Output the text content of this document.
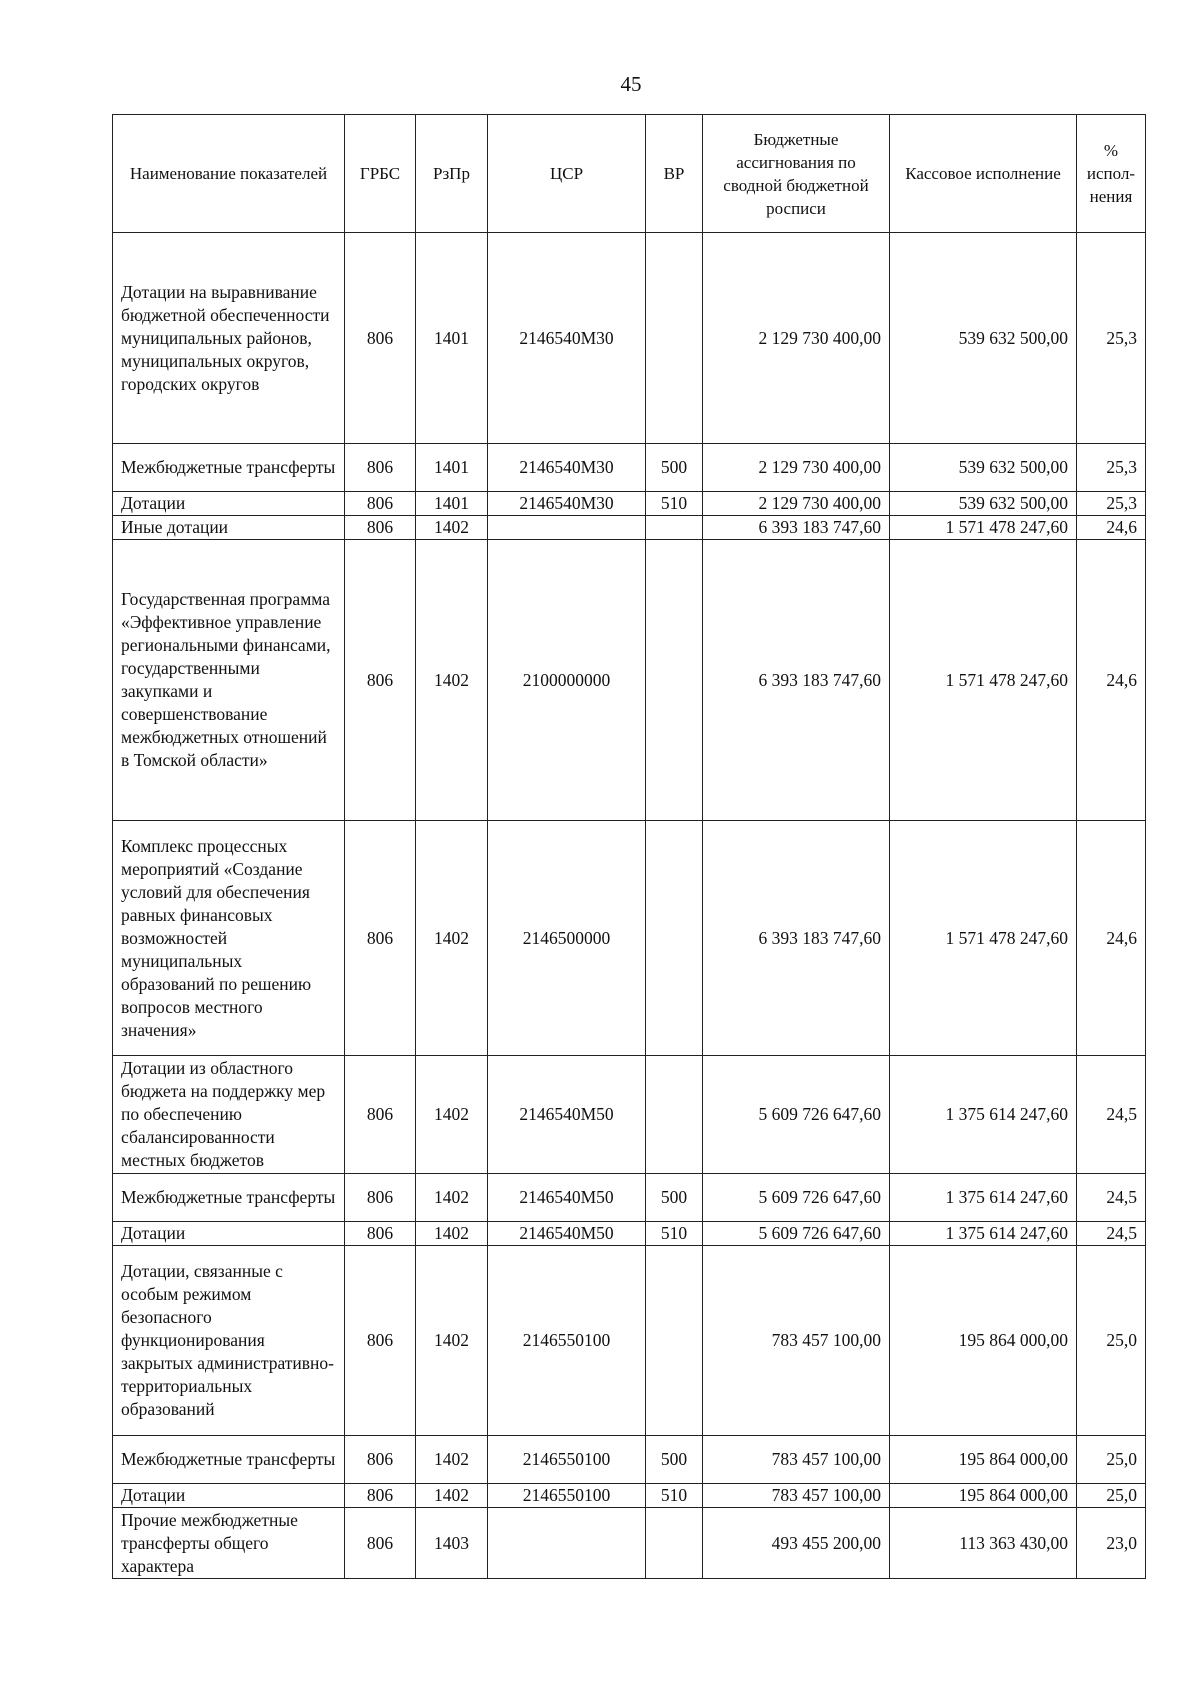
45
Наименование показателей	ГРБС	РзПр	ЦСР	ВР	Бюджетные ассигнования по сводной бюджетной росписи	Кассовое исполнение	% испол-нения
Дотации на выравнивание бюджетной обеспеченности муниципальных районов, муниципальных округов, городских округов	806	1401	2146540М30		2 129 730 400,00	539 632 500,00	25,3
Межбюджетные трансферты	806	1401	2146540М30	500	2 129 730 400,00	539 632 500,00	25,3
Дотации	806	1401	2146540М30	510	2 129 730 400,00	539 632 500,00	25,3
Иные дотации	806	1402			6 393 183 747,60	1 571 478 247,60	24,6
Государственная программа «Эффективное управление региональными финансами, государственными закупками и совершенствование межбюджетных отношений в Томской области»	806	1402	2100000000		6 393 183 747,60	1 571 478 247,60	24,6
Комплекс процессных мероприятий «Создание условий для обеспечения равных финансовых возможностей муниципальных образований по решению вопросов местного значения»	806	1402	2146500000		6 393 183 747,60	1 571 478 247,60	24,6
Дотации из областного бюджета на поддержку мер по обеспечению сбалансированности местных бюджетов	806	1402	2146540М50		5 609 726 647,60	1 375 614 247,60	24,5
Межбюджетные трансферты	806	1402	2146540М50	500	5 609 726 647,60	1 375 614 247,60	24,5
Дотации	806	1402	2146540М50	510	5 609 726 647,60	1 375 614 247,60	24,5
Дотации, связанные с особым режимом безопасного функционирования закрытых административно-территориальных образований	806	1402	2146550100		783 457 100,00	195 864 000,00	25,0
Межбюджетные трансферты	806	1402	2146550100	500	783 457 100,00	195 864 000,00	25,0
Дотации	806	1402	2146550100	510	783 457 100,00	195 864 000,00	25,0
Прочие межбюджетные трансферты общего характера	806	1403			493 455 200,00	113 363 430,00	23,0
